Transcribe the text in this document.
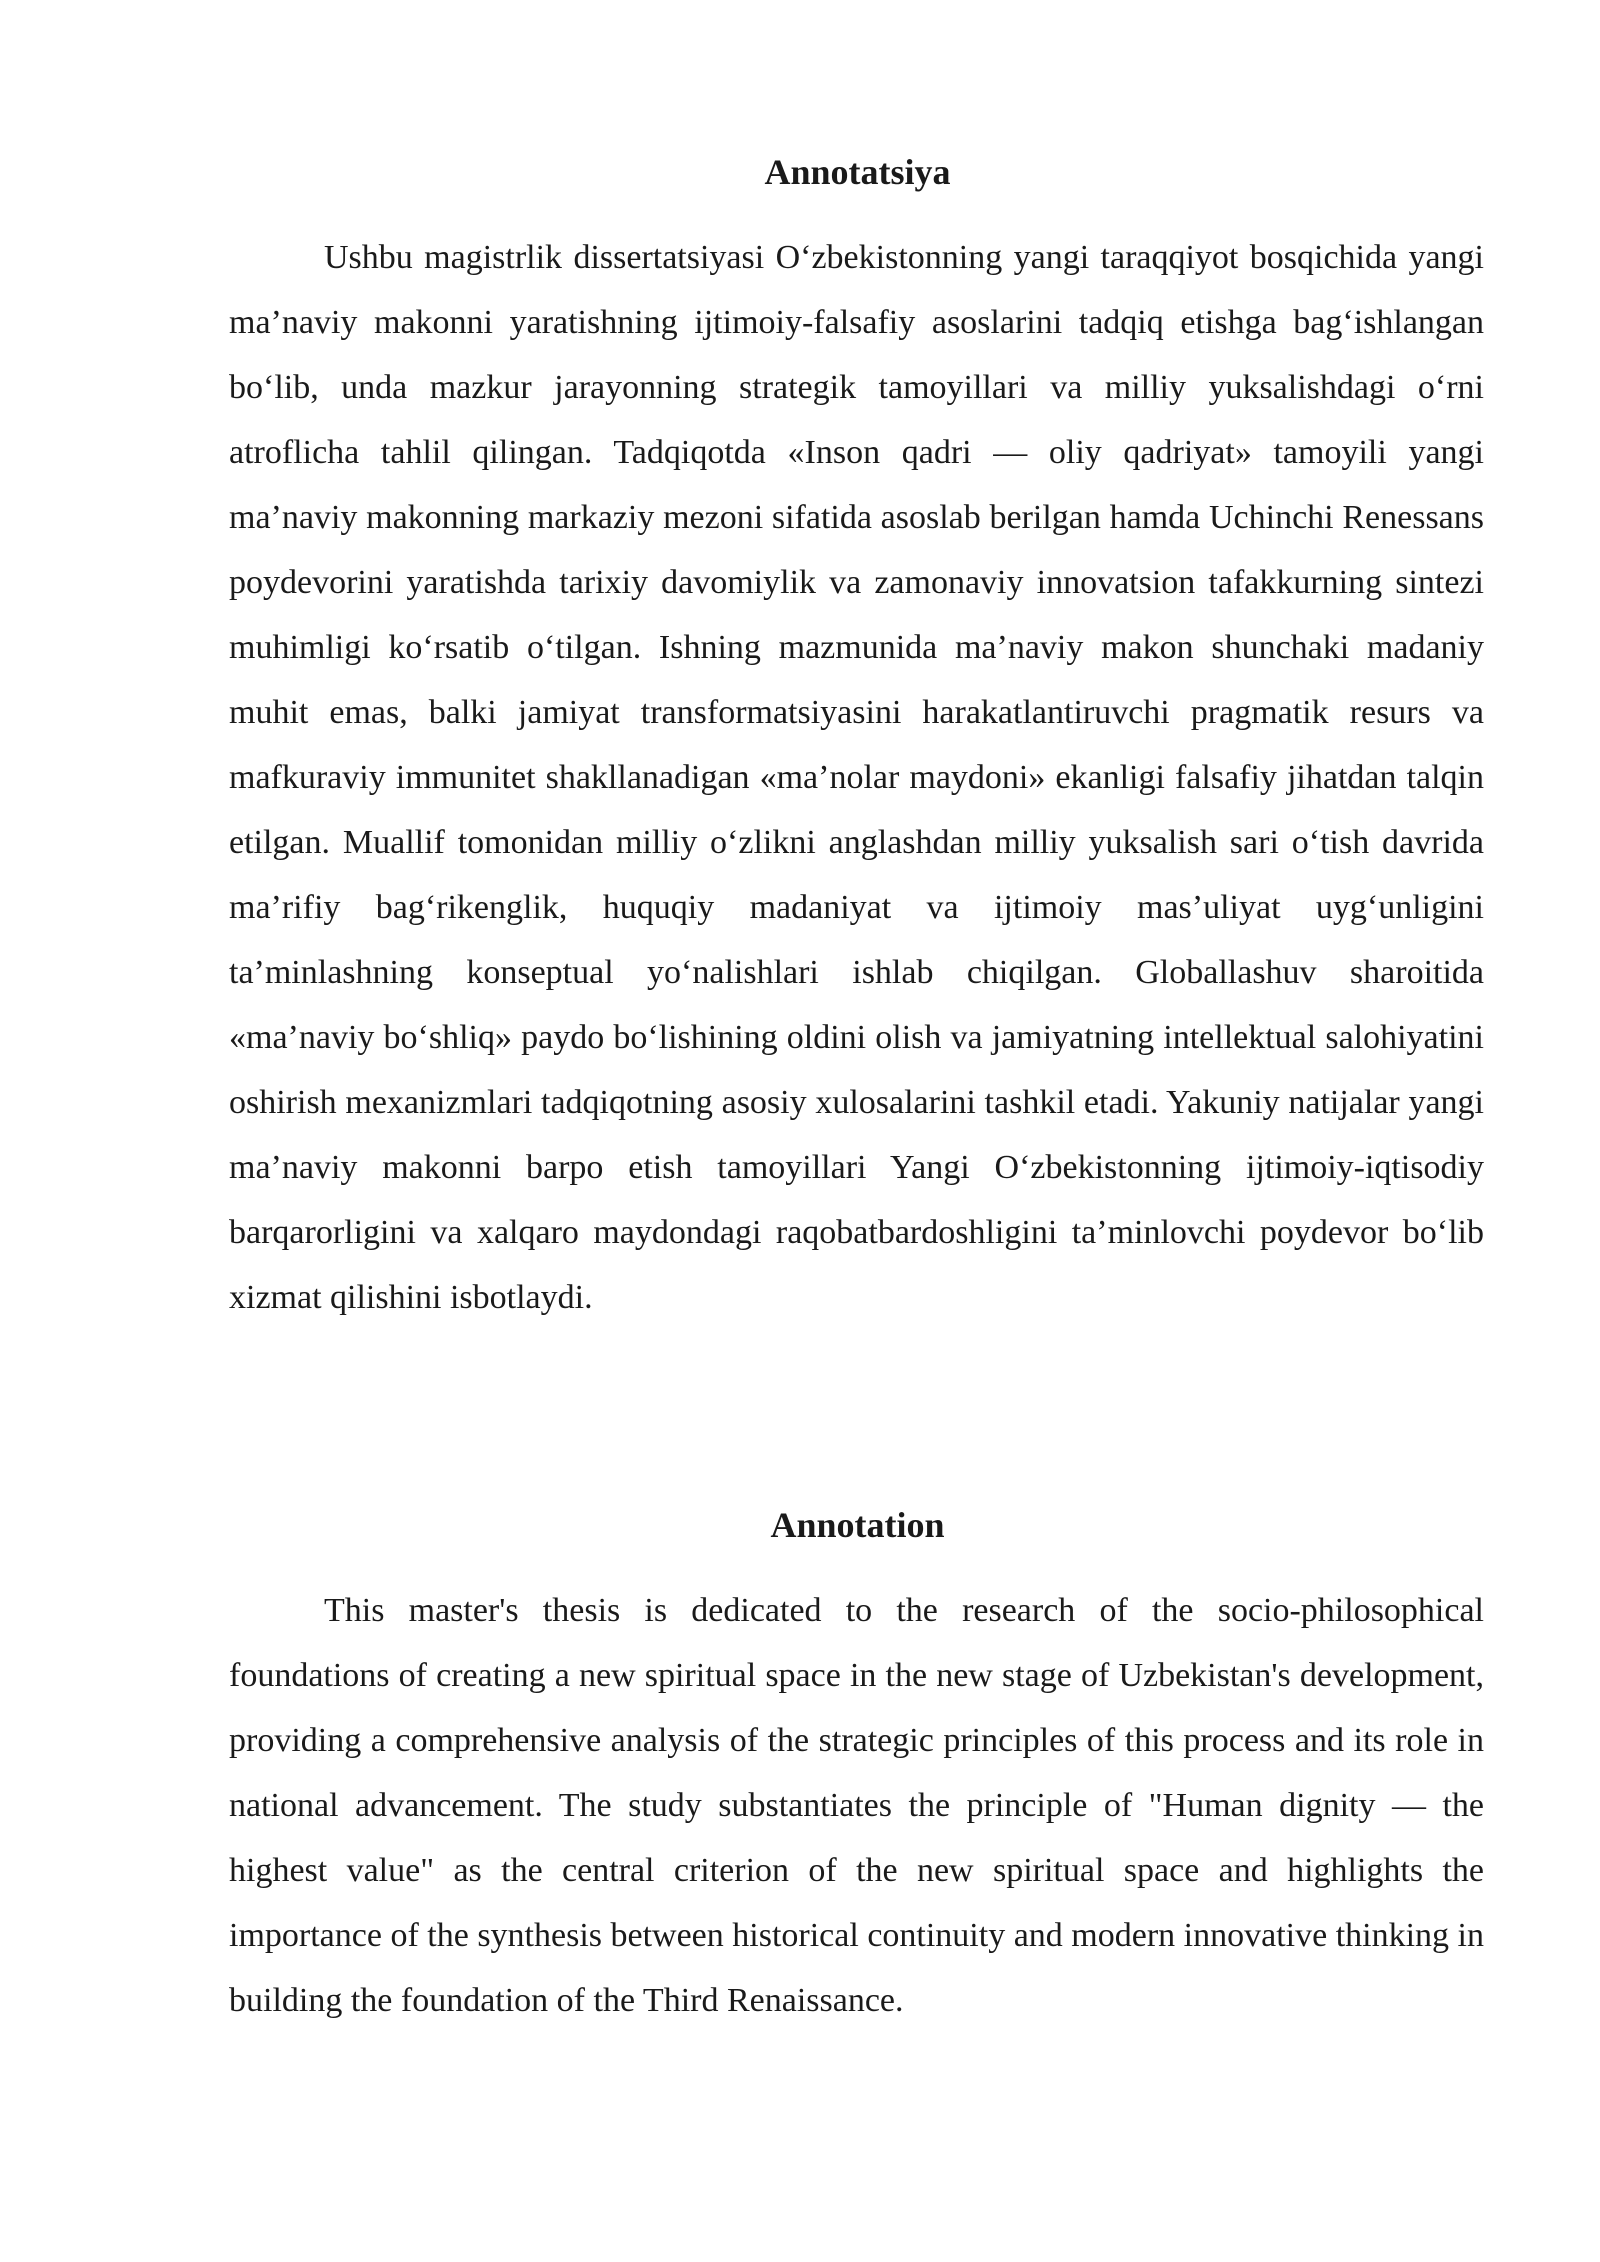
Annotatsiya

Ushbu magistrlik dissertatsiyasi O‘zbekistonning yangi taraqqiyot bosqichida yangi ma’naviy makonni yaratishning ijtimoiy-falsafiy asoslarini tadqiq etishga bag‘ishlangan bo‘lib, unda mazkur jarayonning strategik tamoyillari va milliy yuksalishdagi o‘rni atroflicha tahlil qilingan. Tadqiqotda «Inson qadri — oliy qadriyat» tamoyili yangi ma’naviy makonning markaziy mezoni sifatida asoslab berilgan hamda Uchinchi Renessans poydevorini yaratishda tarixiy davomiylik va zamonaviy innovatsion tafakkurning sintezi muhimligi ko‘rsatib o‘tilgan. Ishning mazmunida ma’naviy makon shunchaki madaniy muhit emas, balki jamiyat transformatsiyasini harakatlantiruvchi pragmatik resurs va mafkuraviy immunitet shakllanadigan «ma’nolar maydoni» ekanligi falsafiy jihatdan talqin etilgan. Muallif tomonidan milliy o‘zlikni anglashdan milliy yuksalish sari o‘tish davrida ma’rifiy bag‘rikenglik, huquqiy madaniyat va ijtimoiy mas’uliyat uyg‘unligini ta’minlashning konseptual yo‘nalishlari ishlab chiqilgan. Globallashuv sharoitida «ma’naviy bo‘shliq» paydo bo‘lishining oldini olish va jamiyatning intellektual salohiyatini oshirish mexanizmlari tadqiqotning asosiy xulosalarini tashkil etadi. Yakuniy natijalar yangi ma’naviy makonni barpo etish tamoyillari Yangi O‘zbekistonning ijtimoiy-iqtisodiy barqarorligini va xalqaro maydondagi raqobatbardoshligini ta’minlovchi poydevor bo‘lib xizmat qilishini isbotlaydi.

Annotation

This master's thesis is dedicated to the research of the socio-philosophical foundations of creating a new spiritual space in the new stage of Uzbekistan's development, providing a comprehensive analysis of the strategic principles of this process and its role in national advancement. The study substantiates the principle of "Human dignity — the highest value" as the central criterion of the new spiritual space and highlights the importance of the synthesis between historical continuity and modern innovative thinking in building the foundation of the Third Renaissance.
